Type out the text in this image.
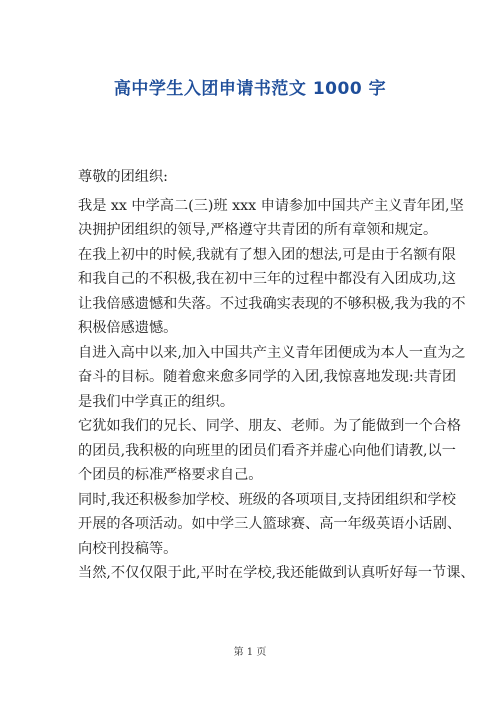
高中学生入团申请书范文 1000 字
尊敬的团组织:
我是 xx 中学高二(三)班 xxx 申请参加中国共产主义青年团,坚
决拥护团组织的领导,严格遵守共青团的所有章领和规定。
在我上初中的时候,我就有了想入团的想法,可是由于名额有限
和我自己的不积极,我在初中三年的过程中都没有入团成功,这
让我倍感遗憾和失落。不过我确实表现的不够积极,我为我的不
积极倍感遗憾。
自进入高中以来,加入中国共产主义青年团便成为本人一直为之
奋斗的目标。随着愈来愈多同学的入团,我惊喜地发现:共青团
是我们中学真正的组织。
它犹如我们的兄长、同学、朋友、老师。为了能做到一个合格
的团员,我积极的向班里的团员们看齐并虚心向他们请教,以一
个团员的标准严格要求自己。
同时,我还积极参加学校、班级的各项项目,支持团组织和学校
开展的各项活动。如中学三人篮球赛、高一年级英语小话剧、
向校刊投稿等。
当然,不仅仅限于此,平时在学校,我还能做到认真听好每一节课、
第 1 页
